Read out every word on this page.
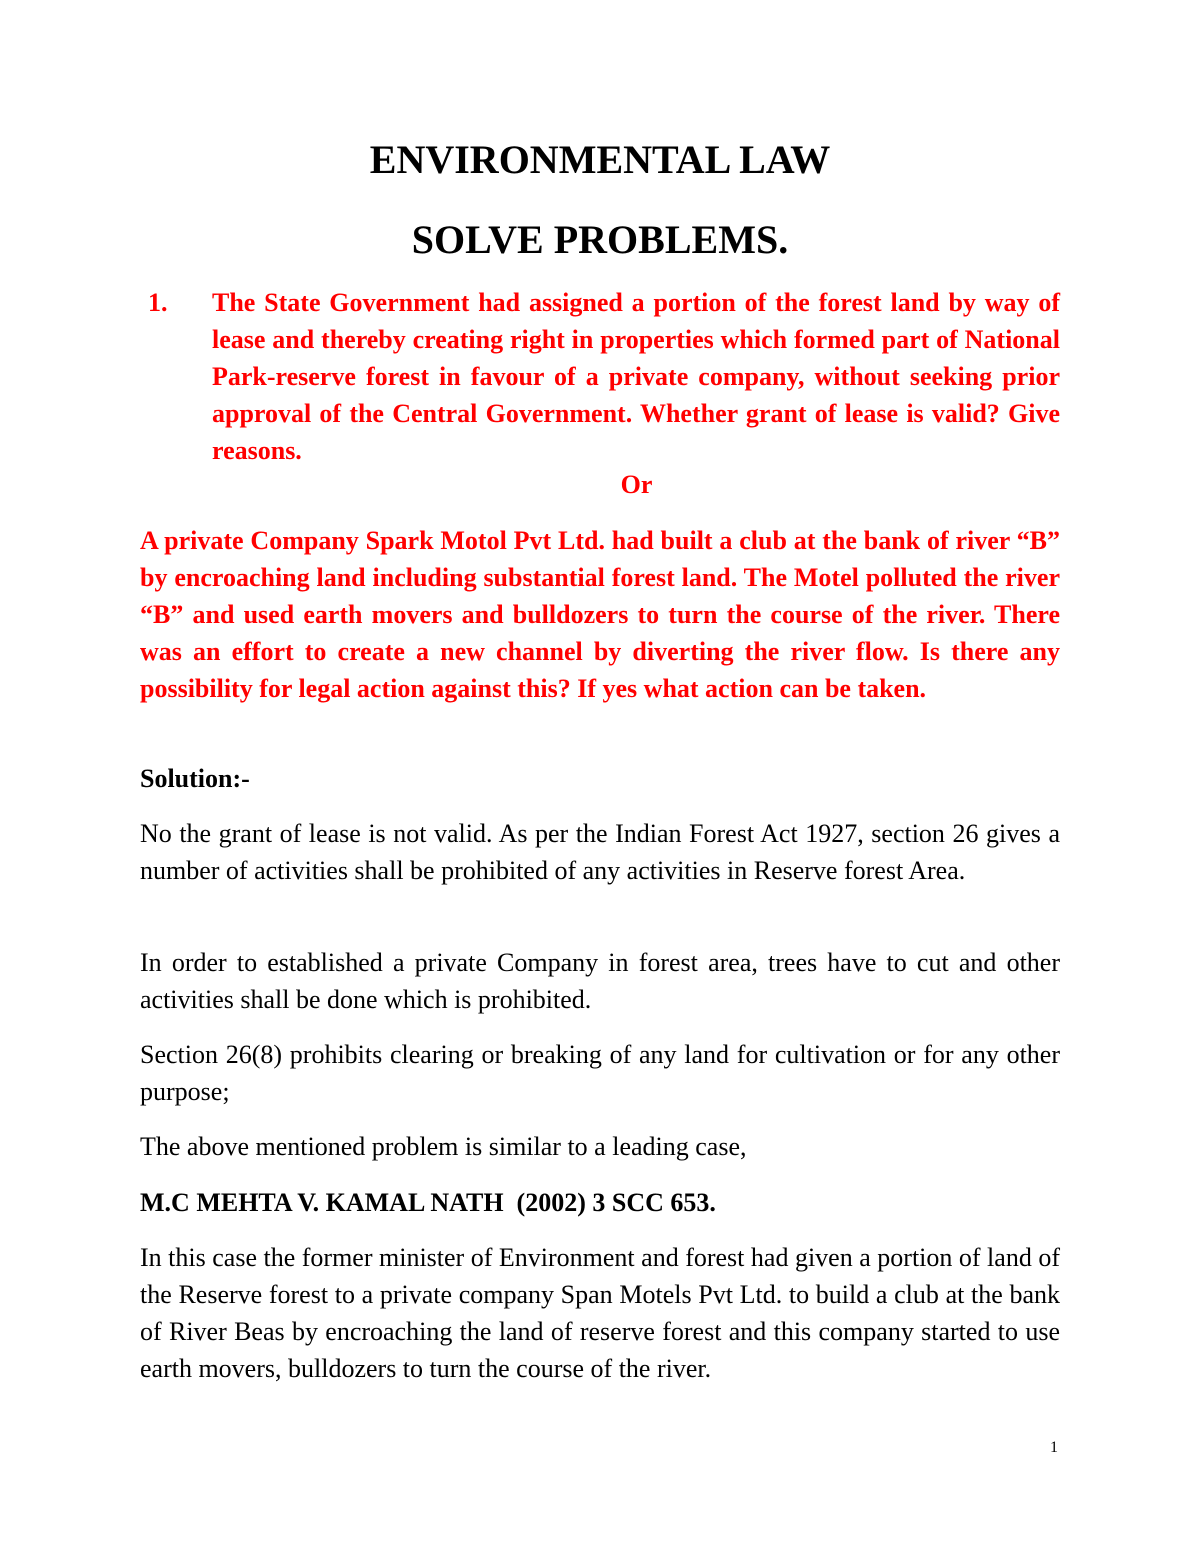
ENVIRONMENTAL LAW
SOLVE PROBLEMS.

1. The State Government had assigned a portion of the forest land by way of lease and thereby creating right in properties which formed part of National Park-reserve forest in favour of a private company, without seeking prior approval of the Central Government. Whether grant of lease is valid? Give reasons.

Or

A private Company Spark Motol Pvt Ltd. had built a club at the bank of river “B” by encroaching land including substantial forest land. The Motel polluted the river “B” and used earth movers and bulldozers to turn the course of the river. There was an effort to create a new channel by diverting the river flow. Is there any possibility for legal action against this? If yes what action can be taken.

Solution:-

No the grant of lease is not valid. As per the Indian Forest Act 1927, section 26 gives a number of activities shall be prohibited of any activities in Reserve forest Area.

In order to established a private Company in forest area, trees have to cut and other activities shall be done which is prohibited.

Section 26(8) prohibits clearing or breaking of any land for cultivation or for any other purpose;

The above mentioned problem is similar to a leading case,

M.C MEHTA V. KAMAL NATH  (2002) 3 SCC 653.

In this case the former minister of Environment and forest had given a portion of land of the Reserve forest to a private company Span Motels Pvt Ltd. to build a club at the bank of River Beas by encroaching the land of reserve forest and this company started to use earth movers, bulldozers to turn the course of the river.

1
